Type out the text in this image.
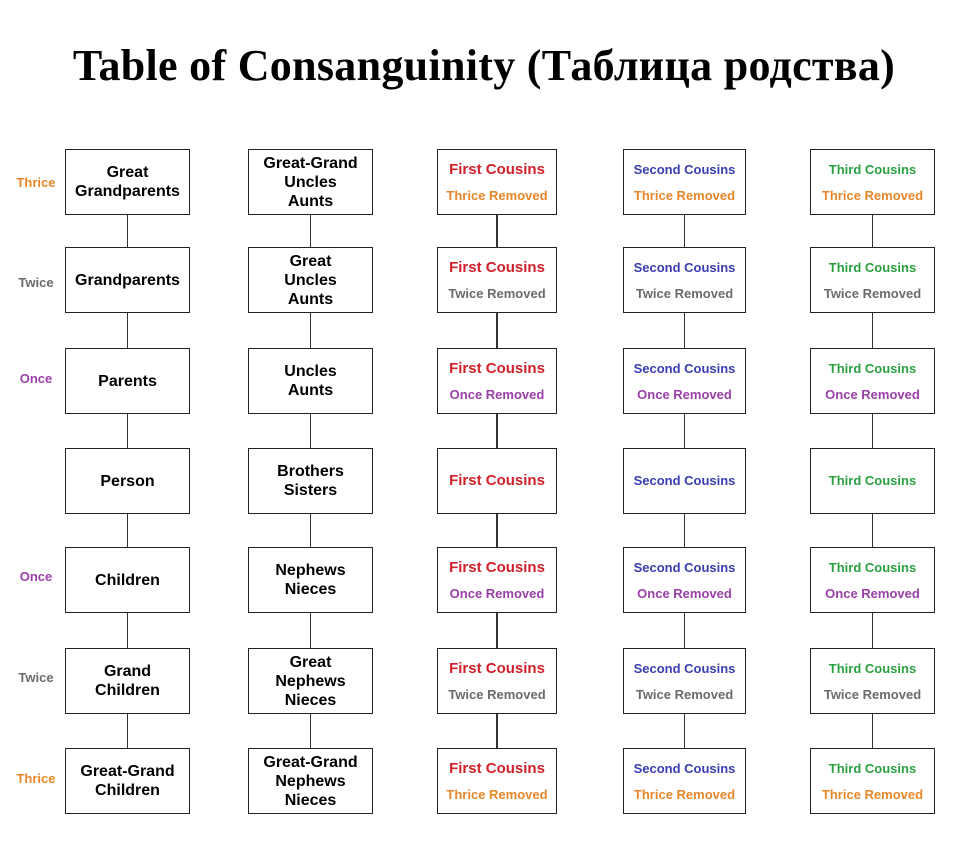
Table of Consanguinity (Таблица родства)
Thrice
Twice
Once
Once
Twice
Thrice
Great
Grandparents
Grandparents
Parents
Person
Children
Grand
Children
Great-Grand
Children
Great-Grand
Uncles
Aunts
Great
Uncles
Aunts
Uncles
Aunts
Brothers
Sisters
Nephews
Nieces
Great
Nephews
Nieces
Great-Grand
Nephews
Nieces
First Cousins
Thrice Removed
First Cousins
Twice Removed
First Cousins
Once Removed
First Cousins
First Cousins
Once Removed
First Cousins
Twice Removed
First Cousins
Thrice Removed
Second Cousins
Thrice Removed
Second Cousins
Twice Removed
Second Cousins
Once Removed
Second Cousins
Second Cousins
Once Removed
Second Cousins
Twice Removed
Second Cousins
Thrice Removed
Third Cousins
Thrice Removed
Third Cousins
Twice Removed
Third Cousins
Once Removed
Third Cousins
Third Cousins
Once Removed
Third Cousins
Twice Removed
Third Cousins
Thrice Removed
